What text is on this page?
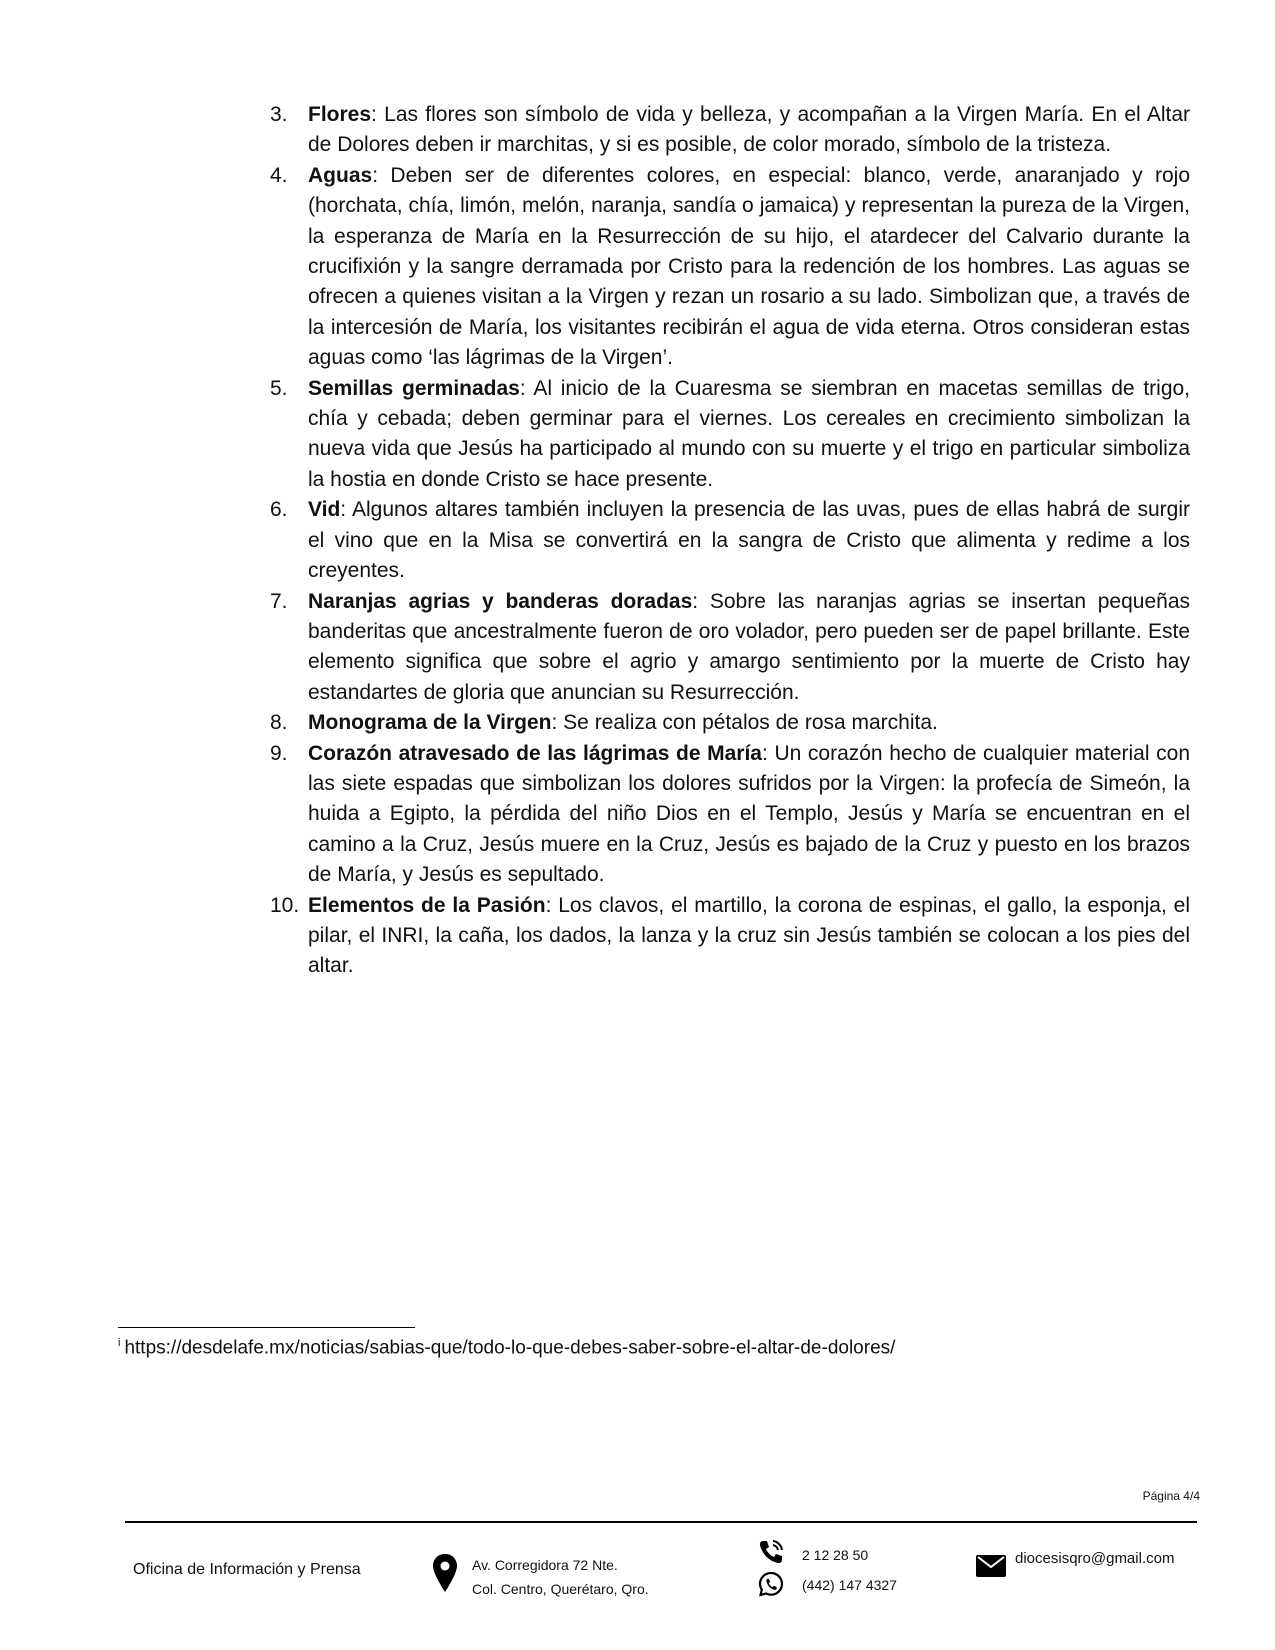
3. Flores: Las flores son símbolo de vida y belleza, y acompañan a la Virgen María. En el Altar de Dolores deben ir marchitas, y si es posible, de color morado, símbolo de la tristeza.
4. Aguas: Deben ser de diferentes colores, en especial: blanco, verde, anaranjado y rojo (horchata, chía, limón, melón, naranja, sandía o jamaica) y representan la pureza de la Virgen, la esperanza de María en la Resurrección de su hijo, el atardecer del Calvario durante la crucifixión y la sangre derramada por Cristo para la redención de los hombres. Las aguas se ofrecen a quienes visitan a la Virgen y rezan un rosario a su lado. Simbolizan que, a través de la intercesión de María, los visitantes recibirán el agua de vida eterna. Otros consideran estas aguas como ‘las lágrimas de la Virgen’.
5. Semillas germinadas: Al inicio de la Cuaresma se siembran en macetas semillas de trigo, chía y cebada; deben germinar para el viernes. Los cereales en crecimiento simbolizan la nueva vida que Jesús ha participado al mundo con su muerte y el trigo en particular simboliza la hostia en donde Cristo se hace presente.
6. Vid: Algunos altares también incluyen la presencia de las uvas, pues de ellas habrá de surgir el vino que en la Misa se convertirá en la sangra de Cristo que alimenta y redime a los creyentes.
7. Naranjas agrias y banderas doradas: Sobre las naranjas agrias se insertan pequeñas banderitas que ancestralmente fueron de oro volador, pero pueden ser de papel brillante. Este elemento significa que sobre el agrio y amargo sentimiento por la muerte de Cristo hay estandartes de gloria que anuncian su Resurrección.
8. Monograma de la Virgen: Se realiza con pétalos de rosa marchita.
9. Corazón atravesado de las lágrimas de María: Un corazón hecho de cualquier material con las siete espadas que simbolizan los dolores sufridos por la Virgen: la profecía de Simeón, la huida a Egipto, la pérdida del niño Dios en el Templo, Jesús y María se encuentran en el camino a la Cruz, Jesús muere en la Cruz, Jesús es bajado de la Cruz y puesto en los brazos de María, y Jesús es sepultado.
10. Elementos de la Pasión: Los clavos, el martillo, la corona de espinas, el gallo, la esponja, el pilar, el INRI, la caña, los dados, la lanza y la cruz sin Jesús también se colocan a los pies del altar.
$^i$ https://desdelafe.mx/noticias/sabias-que/todo-lo-que-debes-saber-sobre-el-altar-de-dolores/
Página 4/4
Oficina de Información y Prensa	Av. Corregidora 72 Nte.
Col. Centro, Querétaro, Qro.
2 12 28 50
(442) 147 4327
diocesisqro@gmail.com
